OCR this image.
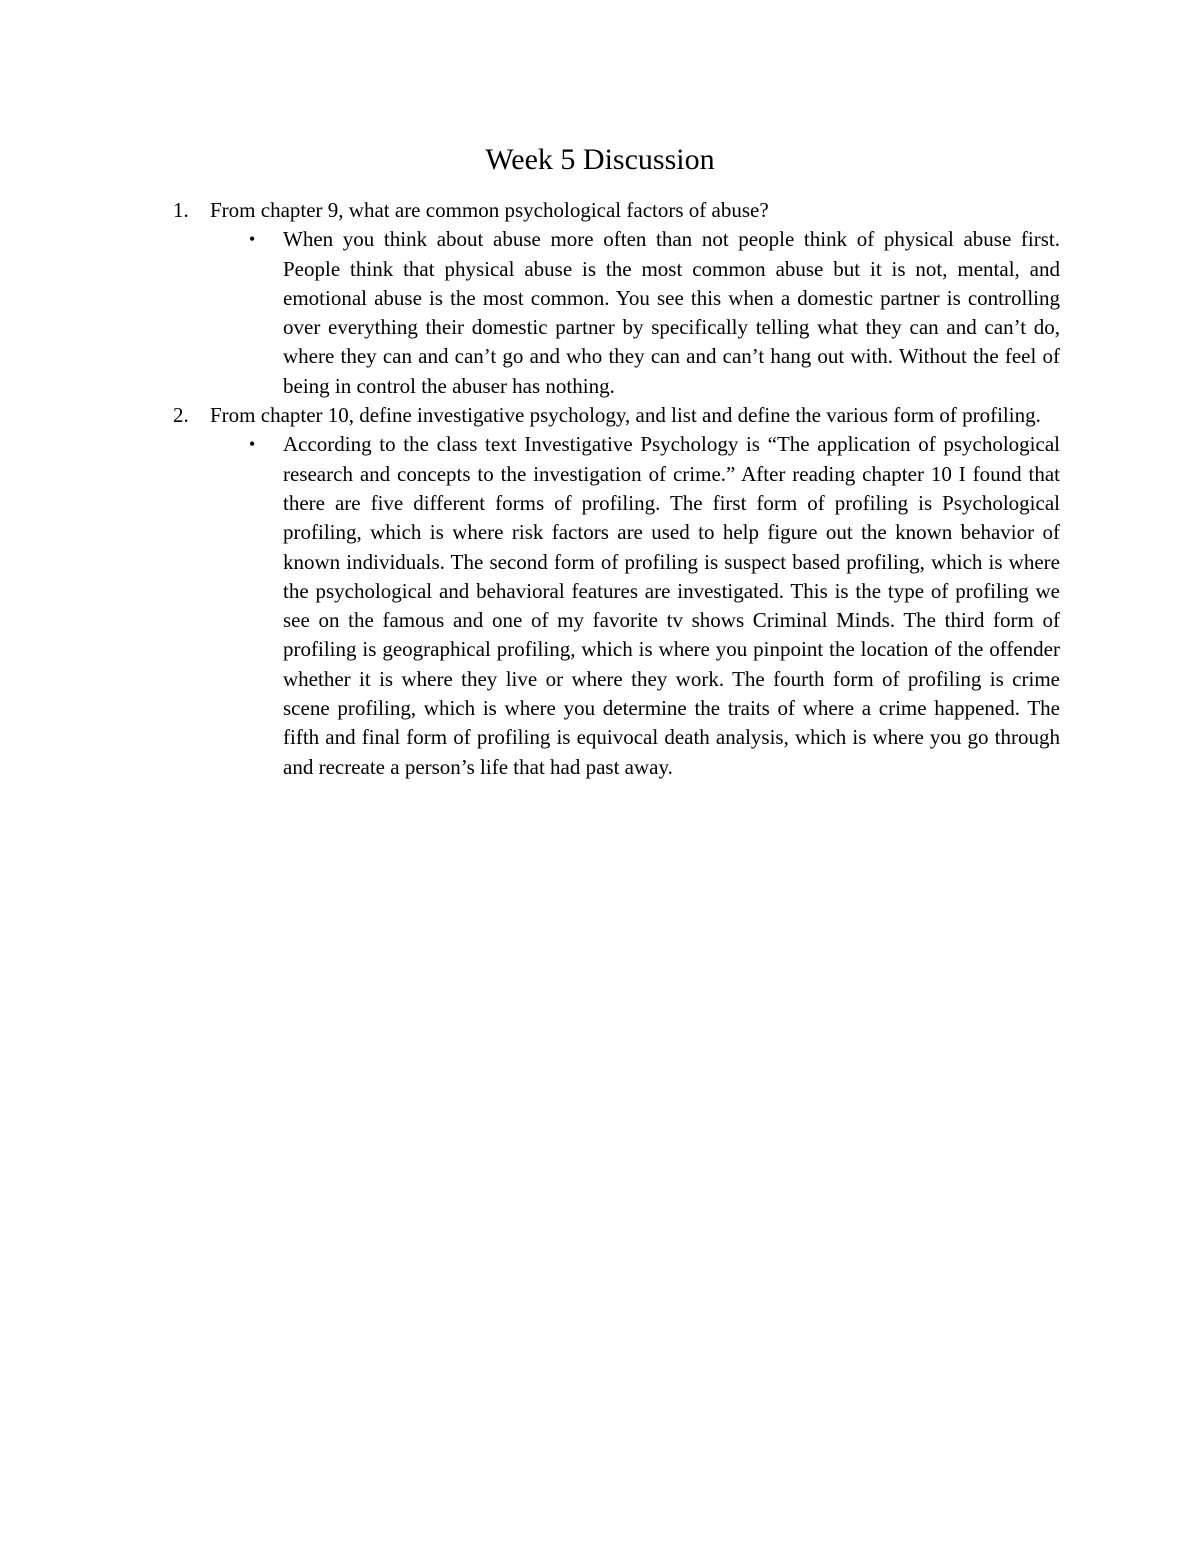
Week 5 Discussion
1. From chapter 9, what are common psychological factors of abuse?
• When you think about abuse more often than not people think of physical abuse first. People think that physical abuse is the most common abuse but it is not, mental, and emotional abuse is the most common. You see this when a domestic partner is controlling over everything their domestic partner by specifically telling what they can and can’t do, where they can and can’t go and who they can and can’t hang out with. Without the feel of being in control the abuser has nothing.
2. From chapter 10, define investigative psychology, and list and define the various form of profiling.
• According to the class text Investigative Psychology is “The application of psychological research and concepts to the investigation of crime.” After reading chapter 10 I found that there are five different forms of profiling. The first form of profiling is Psychological profiling, which is where risk factors are used to help figure out the known behavior of known individuals. The second form of profiling is suspect based profiling, which is where the psychological and behavioral features are investigated. This is the type of profiling we see on the famous and one of my favorite tv shows Criminal Minds. The third form of profiling is geographical profiling, which is where you pinpoint the location of the offender whether it is where they live or where they work. The fourth form of profiling is crime scene profiling, which is where you determine the traits of where a crime happened. The fifth and final form of profiling is equivocal death analysis, which is where you go through and recreate a person’s life that had past away.
